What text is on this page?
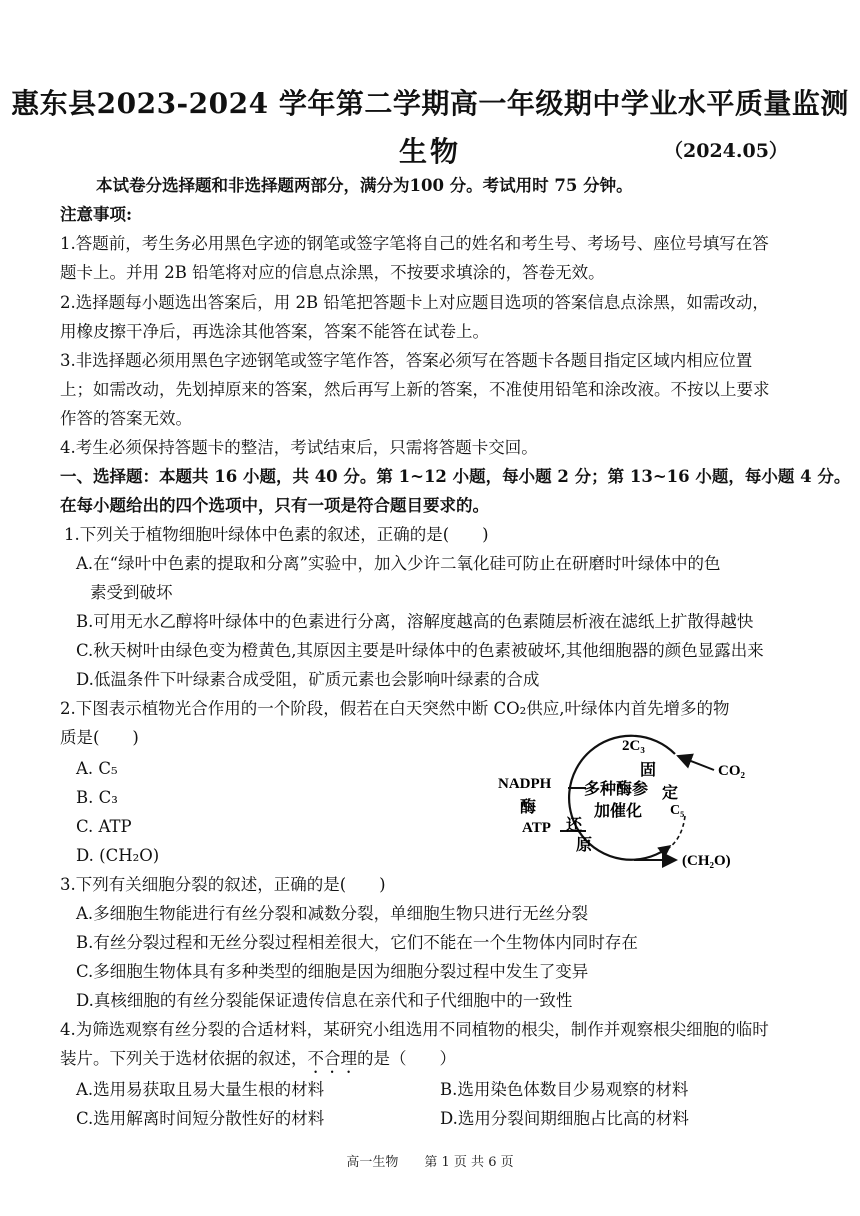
惠东县2023-2024 学年第二学期高一年级期中学业水平质量监测
生物	（2024.05）
本试卷分选择题和非选择题两部分，满分为100 分。考试用时 75 分钟。
注意事项:
1.答题前，考生务必用黑色字迹的钢笔或签字笔将自己的姓名和考生号、考场号、座位号填写在答
题卡上。并用 2B 铅笔将对应的信息点涂黑，不按要求填涂的，答卷无效。
2.选择题每小题选出答案后，用 2B 铅笔把答题卡上对应题目选项的答案信息点涂黑，如需改动，
用橡皮擦干净后，再选涂其他答案，答案不能答在试卷上。
3.非选择题必须用黑色字迹钢笔或签字笔作答，答案必须写在答题卡各题目指定区域内相应位置
上；如需改动，先划掉原来的答案，然后再写上新的答案，不准使用铅笔和涂改液。不按以上要求
作答的答案无效。
4.考生必须保持答题卡的整洁，考试结束后，只需将答题卡交回。
一、选择题：本题共 16 小题，共 40 分。第 1~12 小题，每小题 2 分；第 13~16 小题，每小题 4 分。
在每小题给出的四个选项中，只有一项是符合题目要求的。
1.下列关于植物细胞叶绿体中色素的叙述，正确的是(　　)
A.在“绿叶中色素的提取和分离”实验中，加入少许二氧化硅可防止在研磨时叶绿体中的色
素受到破坏
B.可用无水乙醇将叶绿体中的色素进行分离，溶解度越高的色素随层析液在滤纸上扩散得越快
C.秋天树叶由绿色变为橙黄色,其原因主要是叶绿体中的色素被破坏,其他细胞器的颜色显露出来
D.低温条件下叶绿素合成受阻，矿质元素也会影响叶绿素的合成
2.下图表示植物光合作用的一个阶段，假若在白天突然中断 CO₂供应,叶绿体内首先增多的物
质是(　　)
A. C₅
B. C₃
C. ATP
D. (CH₂O)
2C₃
固
定
CO₂
NADPH
酶
ATP
多种酶参
加催化
还
原
C₅
(CH₂O)
3.下列有关细胞分裂的叙述，正确的是(　　)
A.多细胞生物能进行有丝分裂和减数分裂，单细胞生物只进行无丝分裂
B.有丝分裂过程和无丝分裂过程相差很大，它们不能在一个生物体内同时存在
C.多细胞生物体具有多种类型的细胞是因为细胞分裂过程中发生了变异
D.真核细胞的有丝分裂能保证遗传信息在亲代和子代细胞中的一致性
4.为筛选观察有丝分裂的合适材料，某研究小组选用不同植物的根尖，制作并观察根尖细胞的临时
装片。下列关于选材依据的叙述，不合理的是（　　）
A.选用易获取且易大量生根的材料	B.选用染色体数目少易观察的材料
C.选用解离时间短分散性好的材料	D.选用分裂间期细胞占比高的材料
高一生物　　第 1 页 共 6 页
